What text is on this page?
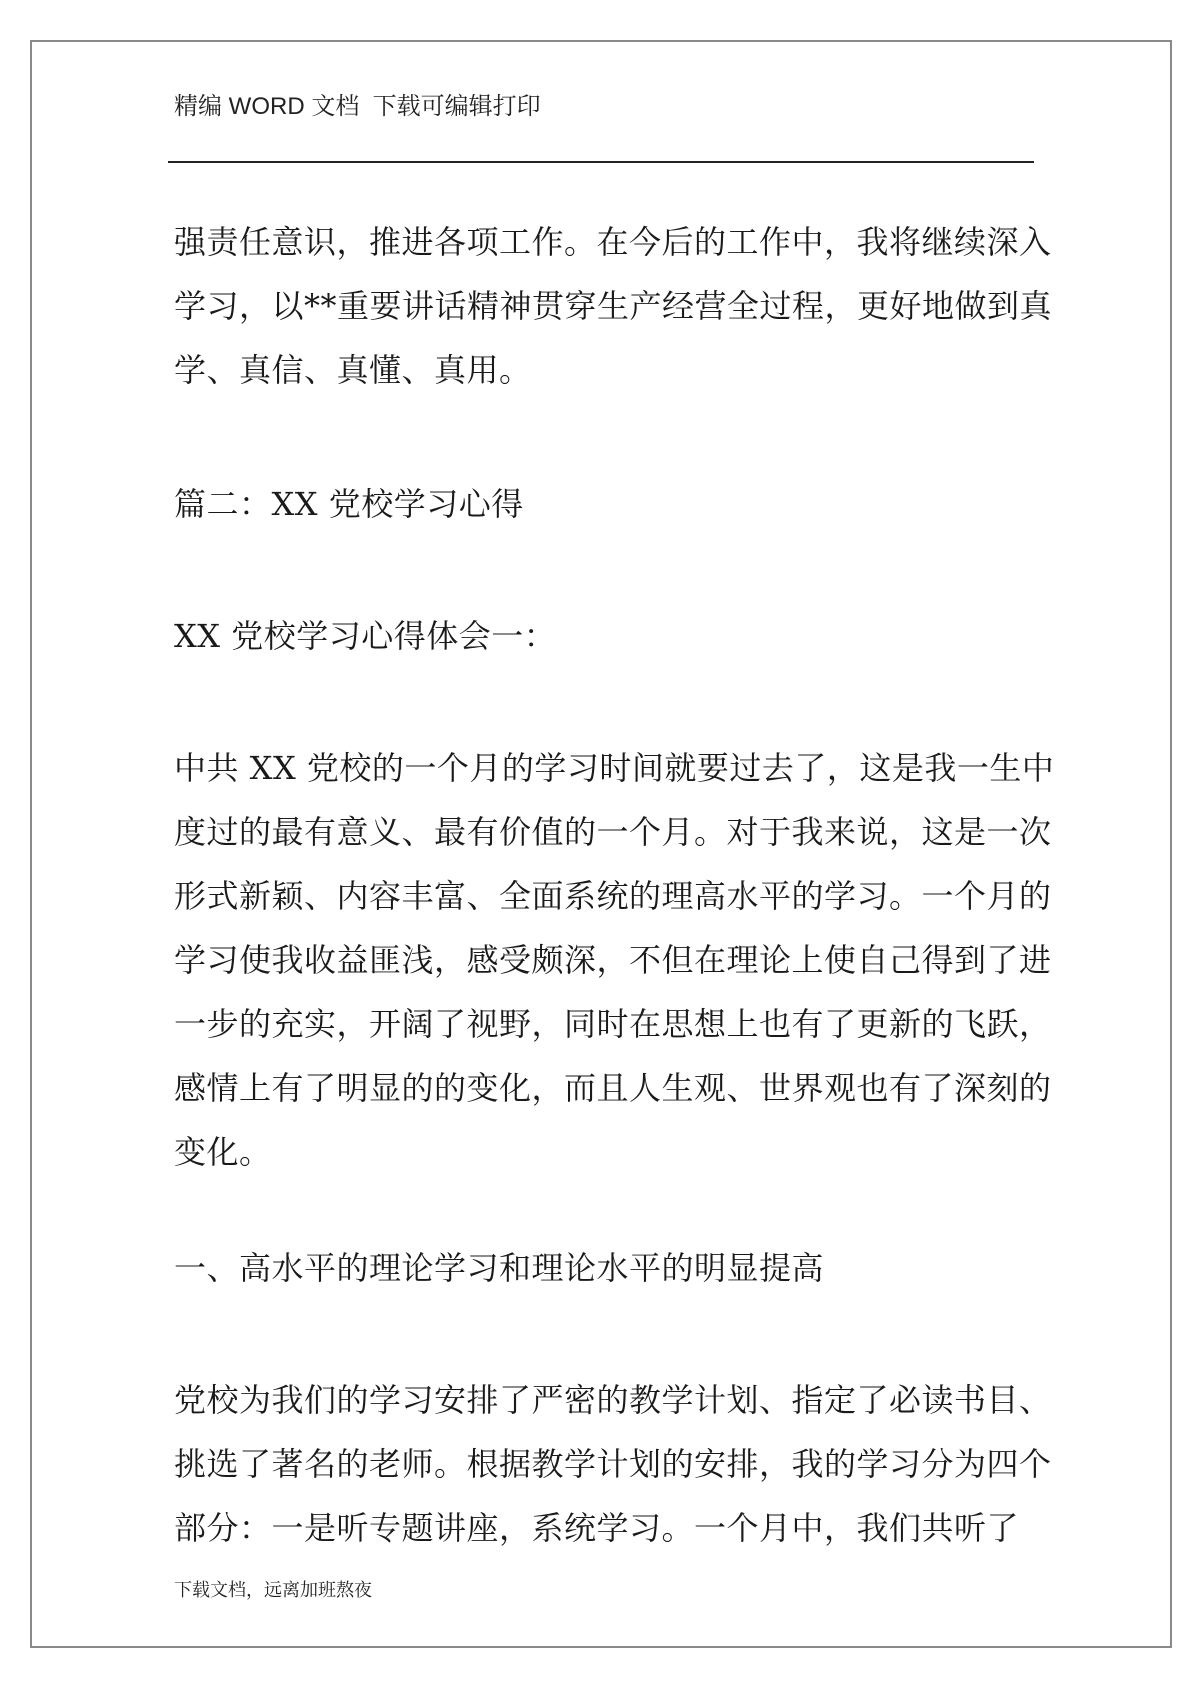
精编 WORD 文档  下载可编辑打印
强责任意识，推进各项工作。在今后的工作中，我将继续深入
学习，以**重要讲话精神贯穿生产经营全过程，更好地做到真
学、真信、真懂、真用。
篇二：XX 党校学习心得
XX 党校学习心得体会一：
中共 XX 党校的一个月的学习时间就要过去了，这是我一生中
度过的最有意义、最有价值的一个月。对于我来说，这是一次
形式新颖、内容丰富、全面系统的理高水平的学习。一个月的
学习使我收益匪浅，感受颇深，不但在理论上使自己得到了进
一步的充实，开阔了视野，同时在思想上也有了更新的飞跃，
感情上有了明显的的变化，而且人生观、世界观也有了深刻的
变化。
一、高水平的理论学习和理论水平的明显提高
党校为我们的学习安排了严密的教学计划、指定了必读书目、
挑选了著名的老师。根据教学计划的安排，我的学习分为四个
部分：一是听专题讲座，系统学习。一个月中，我们共听了
下载文档，远离加班熬夜
